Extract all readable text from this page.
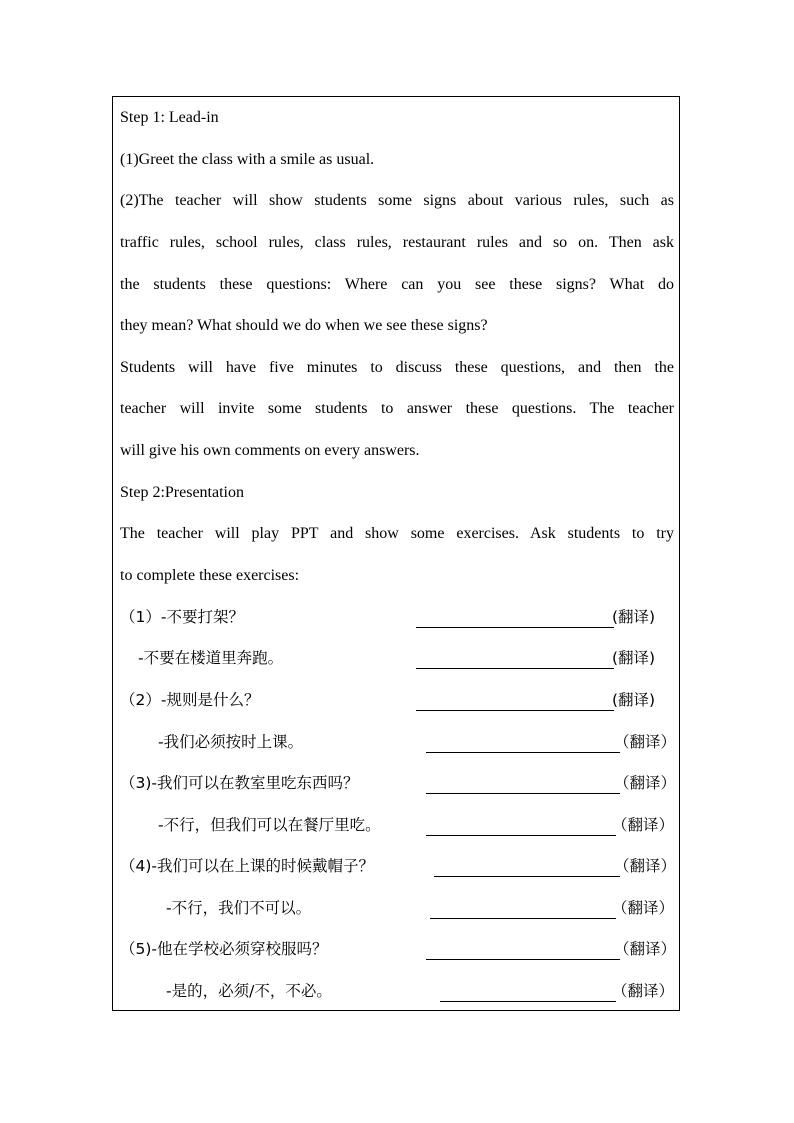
Step 1: Lead-in
(1)Greet the class with a smile as usual.
(2)The teacher will show students some signs about various rules, such as
traffic rules, school rules, class rules, restaurant rules and so on. Then ask
the students these questions: Where can you see these signs? What do
they mean? What should we do when we see these signs?
Students will have five minutes to discuss these questions, and then the
teacher will invite some students to answer these questions. The teacher
will give his own comments on every answers.
Step 2:Presentation
The teacher will play PPT and show some exercises. Ask students to try
to complete these exercises:
（1）-不要打架？	(翻译)
-不要在楼道里奔跑。	(翻译)
（2）-规则是什么？	(翻译)
-我们必须按时上课。	（翻译）
（3)-我们可以在教室里吃东西吗？	（翻译）
-不行，但我们可以在餐厅里吃。	（翻译）
（4)-我们可以在上课的时候戴帽子？	（翻译）
-不行，我们不可以。	（翻译）
（5)-他在学校必须穿校服吗？	（翻译）
-是的，必须/不，不必。	（翻译）
